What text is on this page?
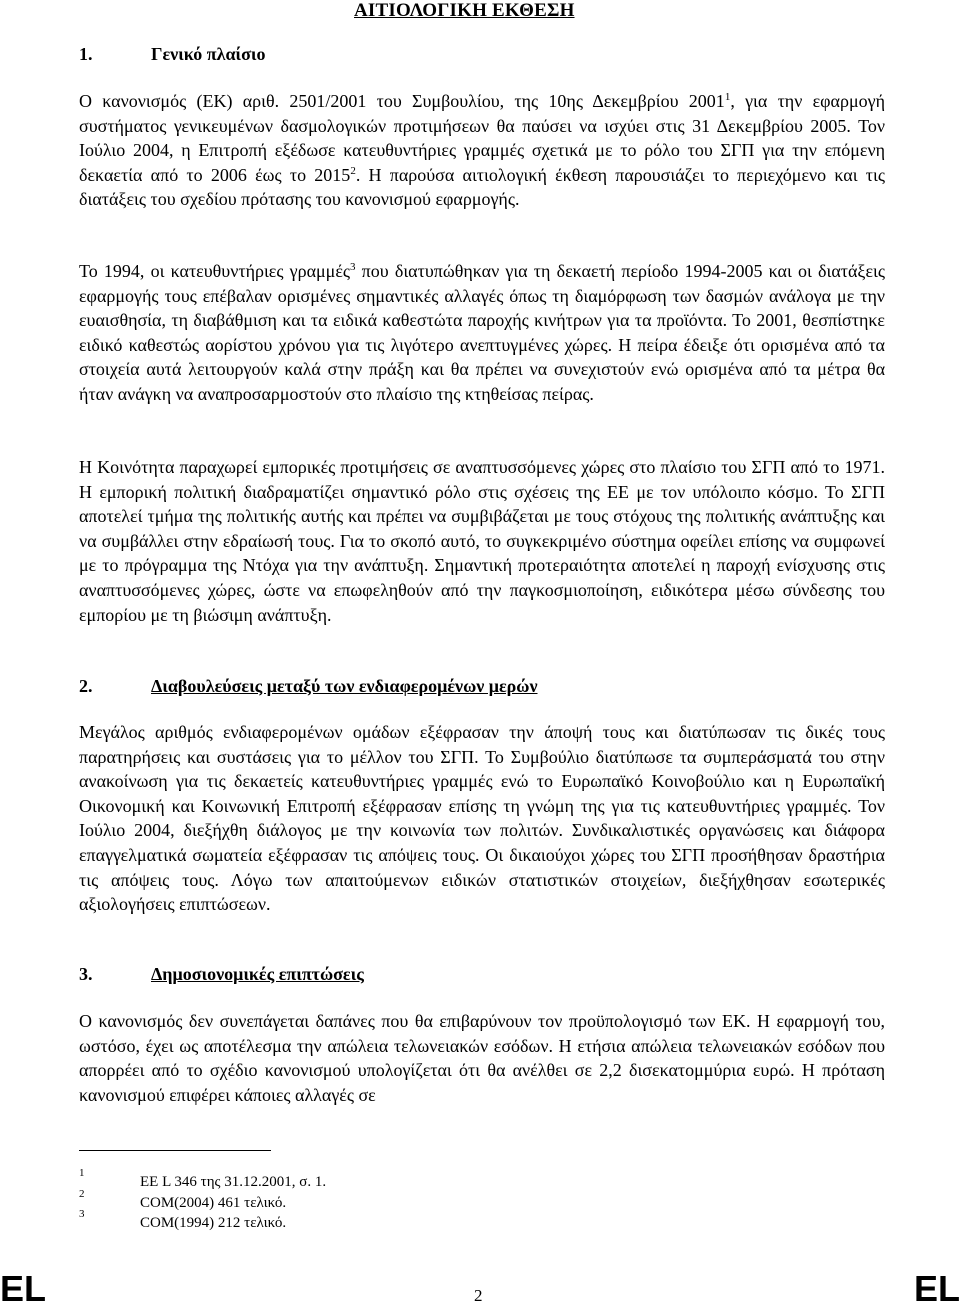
ΑΙΤΙΟΛΟΓΙΚΗ ΕΚΘΕΣΗ
1.	Γενικό πλαίσιο

Ο κανονισμός (ΕΚ) αριθ. 2501/2001 του Συμβουλίου, της 10ης Δεκεμβρίου 2001$^1$, για την εφαρμογή συστήματος γενικευμένων δασμολογικών προτιμήσεων θα παύσει να ισχύει στις 31 Δεκεμβρίου 2005. Τον Ιούλιο 2004, η Επιτροπή εξέδωσε κατευθυντήριες γραμμές σχετικά με το ρόλο του ΣΓΠ για την επόμενη δεκαετία από το 2006 έως το 2015$^2$. Η παρούσα αιτιολογική έκθεση παρουσιάζει το περιεχόμενο και τις διατάξεις του σχεδίου πρότασης του κανονισμού εφαρμογής.

Το 1994, οι κατευθυντήριες γραμμές$^3$ που διατυπώθηκαν για τη δεκαετή περίοδο 1994-2005 και οι διατάξεις εφαρμογής τους επέβαλαν ορισμένες σημαντικές αλλαγές όπως τη διαμόρφωση των δασμών ανάλογα με την ευαισθησία, τη διαβάθμιση και τα ειδικά καθεστώτα παροχής κινήτρων για τα προϊόντα. Το 2001, θεσπίστηκε ειδικό καθεστώς αορίστου χρόνου για τις λιγότερο ανεπτυγμένες χώρες. Η πείρα έδειξε ότι ορισμένα από τα στοιχεία αυτά λειτουργούν καλά στην πράξη και θα πρέπει να συνεχιστούν ενώ ορισμένα από τα μέτρα θα ήταν ανάγκη να αναπροσαρμοστούν στο πλαίσιο της κτηθείσας πείρας.

Η Κοινότητα παραχωρεί εμπορικές προτιμήσεις σε αναπτυσσόμενες χώρες στο πλαίσιο του ΣΓΠ από το 1971. Η εμπορική πολιτική διαδραματίζει σημαντικό ρόλο στις σχέσεις της ΕΕ με τον υπόλοιπο κόσμο. Το ΣΓΠ αποτελεί τμήμα της πολιτικής αυτής και πρέπει να συμβιβάζεται με τους στόχους της πολιτικής ανάπτυξης και να συμβάλλει στην εδραίωσή τους. Για το σκοπό αυτό, το συγκεκριμένο σύστημα οφείλει επίσης να συμφωνεί με το πρόγραμμα της Ντόχα για την ανάπτυξη. Σημαντική προτεραιότητα αποτελεί η παροχή ενίσχυσης στις αναπτυσσόμενες χώρες, ώστε να επωφεληθούν από την παγκοσμιοποίηση, ειδικότερα μέσω σύνδεσης του εμπορίου με τη βιώσιμη ανάπτυξη.

2.	Διαβουλεύσεις μεταξύ των ενδιαφερομένων μερών

Μεγάλος αριθμός ενδιαφερομένων ομάδων εξέφρασαν την άποψή τους και διατύπωσαν τις δικές τους παρατηρήσεις και συστάσεις για το μέλλον του ΣΓΠ. Το Συμβούλιο διατύπωσε τα συμπεράσματά του στην ανακοίνωση για τις δεκαετείς κατευθυντήριες γραμμές ενώ το Ευρωπαϊκό Κοινοβούλιο και η Ευρωπαϊκή Οικονομική και Κοινωνική Επιτροπή εξέφρασαν επίσης τη γνώμη της για τις κατευθυντήριες γραμμές. Τον Ιούλιο 2004, διεξήχθη διάλογος με την κοινωνία των πολιτών. Συνδικαλιστικές οργανώσεις και διάφορα επαγγελματικά σωματεία εξέφρασαν τις απόψεις τους. Οι δικαιούχοι χώρες του ΣΓΠ προσήθησαν δραστήρια τις απόψεις τους. Λόγω των απαιτούμενων ειδικών στατιστικών στοιχείων, διεξήχθησαν εσωτερικές αξιολογήσεις επιπτώσεων.

3.	Δημοσιονομικές επιπτώσεις

Ο κανονισμός δεν συνεπάγεται δαπάνες που θα επιβαρύνουν τον προϋπολογισμό των ΕΚ. Η εφαρμογή του, ωστόσο, έχει ως αποτέλεσμα την απώλεια τελωνειακών εσόδων. Η ετήσια απώλεια τελωνειακών εσόδων που απορρέει από το σχέδιο κανονισμού υπολογίζεται ότι θα ανέλθει σε 2,2 δισεκατομμύρια ευρώ. Η πρόταση κανονισμού επιφέρει κάποιες αλλαγές σε

1
ΕΕ L 346 της 31.12.2001, σ. 1.
2
COM(2004) 461 τελικό.
3
COM(1994) 212 τελικό.
EL	2	EL
